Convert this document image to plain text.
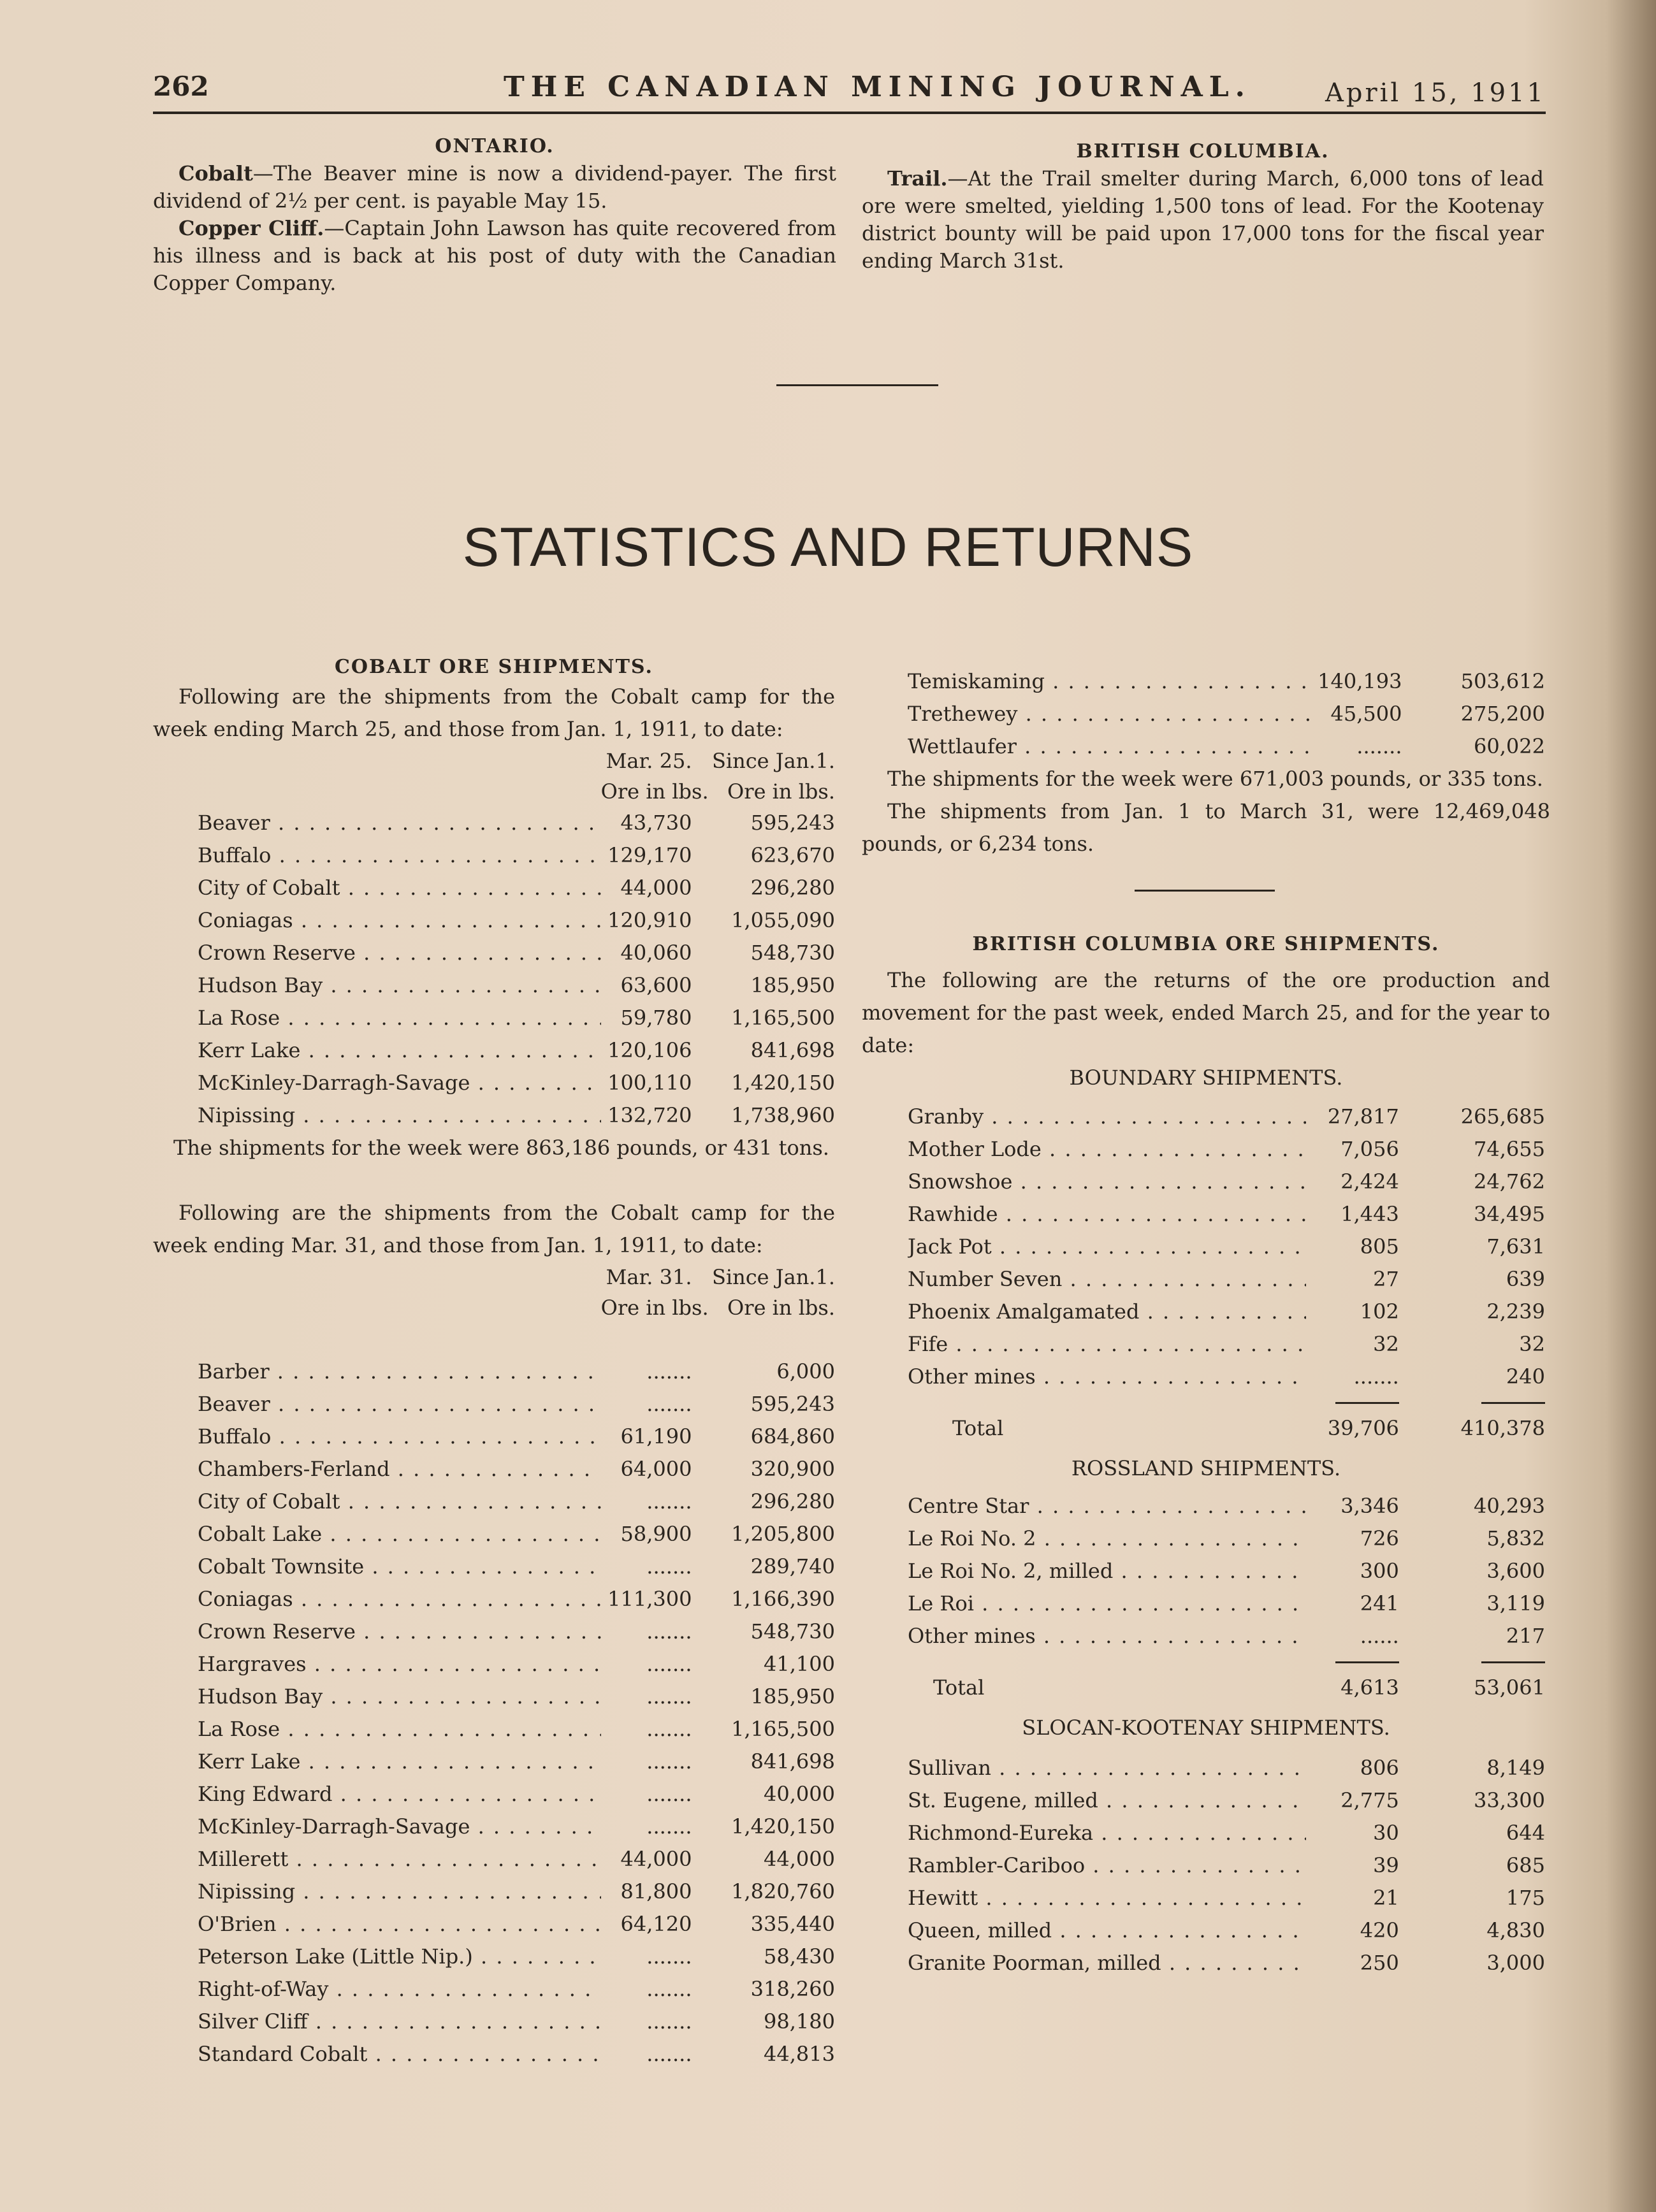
262	THE CANADIAN MINING JOURNAL.	April 15, 1911
ONTARIO.

Cobalt—The Beaver mine is now a dividend-payer. The first dividend of 2½ per cent. is payable May 15.

Copper Cliff.—Captain John Lawson has quite recovered from his illness and is back at his post of duty with the Canadian Copper Company.

BRITISH COLUMBIA.

Trail.—At the Trail smelter during March, 6,000 tons of lead ore were smelted, yielding 1,500 tons of lead. For the Kootenay district bounty will be paid upon 17,000 tons for the fiscal year ending March 31st.

STATISTICS AND RETURNS
COBALT ORE SHIPMENTS.

Following are the shipments from the Cobalt camp for the week ending March 25, and those from Jan. 1, 1911, to date:

	Mar. 25.	Since Jan.1.
	Ore in lbs.	Ore in lbs.
Beaver . . .	43,730	595,243
Buffalo . . .	129,170	623,670
City of Cobalt . . .	44,000	296,280
Coniagas . . .	120,910	1,055,090
Crown Reserve . . .	40,060	548,730
Hudson Bay . . .	63,600	185,950
La Rose . . .	59,780	1,165,500
Kerr Lake . . .	120,106	841,698
McKinley-Darragh-Savage . . .	100,110	1,420,150
Nipissing . . .	132,720	1,738,960

The shipments for the week were 863,186 pounds, or 431 tons.

Following are the shipments from the Cobalt camp for the week ending Mar. 31, and those from Jan. 1, 1911, to date:

	Mar. 31.	Since Jan.1.
	Ore in lbs.	Ore in lbs.

Barber . . .	.......	6,000
Beaver . . .	.......	595,243
Buffalo . . .	61,190	684,860
Chambers-Ferland . . .	64,000	320,900
City of Cobalt . . .	.......	296,280
Cobalt Lake . . .	58,900	1,205,800
Cobalt Townsite . . .	.......	289,740
Coniagas . . .	111,300	1,166,390
Crown Reserve . . .	.......	548,730
Hargraves . . .	.......	41,100
Hudson Bay . . .	.......	185,950
La Rose . . .	.......	1,165,500
Kerr Lake . . .	.......	841,698
King Edward . . .	.......	40,000
McKinley-Darragh-Savage . . .	.......	1,420,150
Millerett . . .	44,000	44,000
Nipissing . . .	81,800	1,820,760
O'Brien . . .	64,120	335,440
Peterson Lake (Little Nip.) . . .	.......	58,430
Right-of-Way . . .	.......	318,260
Silver Cliff . . .	.......	98,180
Standard Cobalt . . .	.......	44,813
Temiskaming . . .	140,193	503,612
Trethewey . . .	45,500	275,200
Wettlaufer . . .	.......	60,022

The shipments for the week were 671,003 pounds, or 335 tons.

The shipments from Jan. 1 to March 31, were 12,469,048 pounds, or 6,234 tons.

BRITISH COLUMBIA ORE SHIPMENTS.

The following are the returns of the ore production and movement for the past week, ended March 25, and for the year to date:

BOUNDARY SHIPMENTS.
Granby . . .	27,817	265,685
Mother Lode . . .	7,056	74,655
Snowshoe . . .	2,424	24,762
Rawhide . . .	1,443	34,495
Jack Pot . . .	805	7,631
Number Seven . . .	27	639
Phoenix Amalgamated . . .	102	2,239
Fife . . .	32	32
Other mines . . .	.......	240

Total	39,706	410,378
ROSSLAND SHIPMENTS.
Centre Star . . .	3,346	40,293
Le Roi No. 2 . . .	726	5,832
Le Roi No. 2, milled . . .	300	3,600
Le Roi . . .	241	3,119
Other mines . . .	......	217

Total	4,613	53,061
SLOCAN-KOOTENAY SHIPMENTS.
Sullivan . . .	806	8,149
St. Eugene, milled . . .	2,775	33,300
Richmond-Eureka . . .	30	644
Rambler-Cariboo . . .	39	685
Hewitt . . .	21	175
Queen, milled . . .	420	4,830
Granite Poorman, milled . . .	250	3,000
